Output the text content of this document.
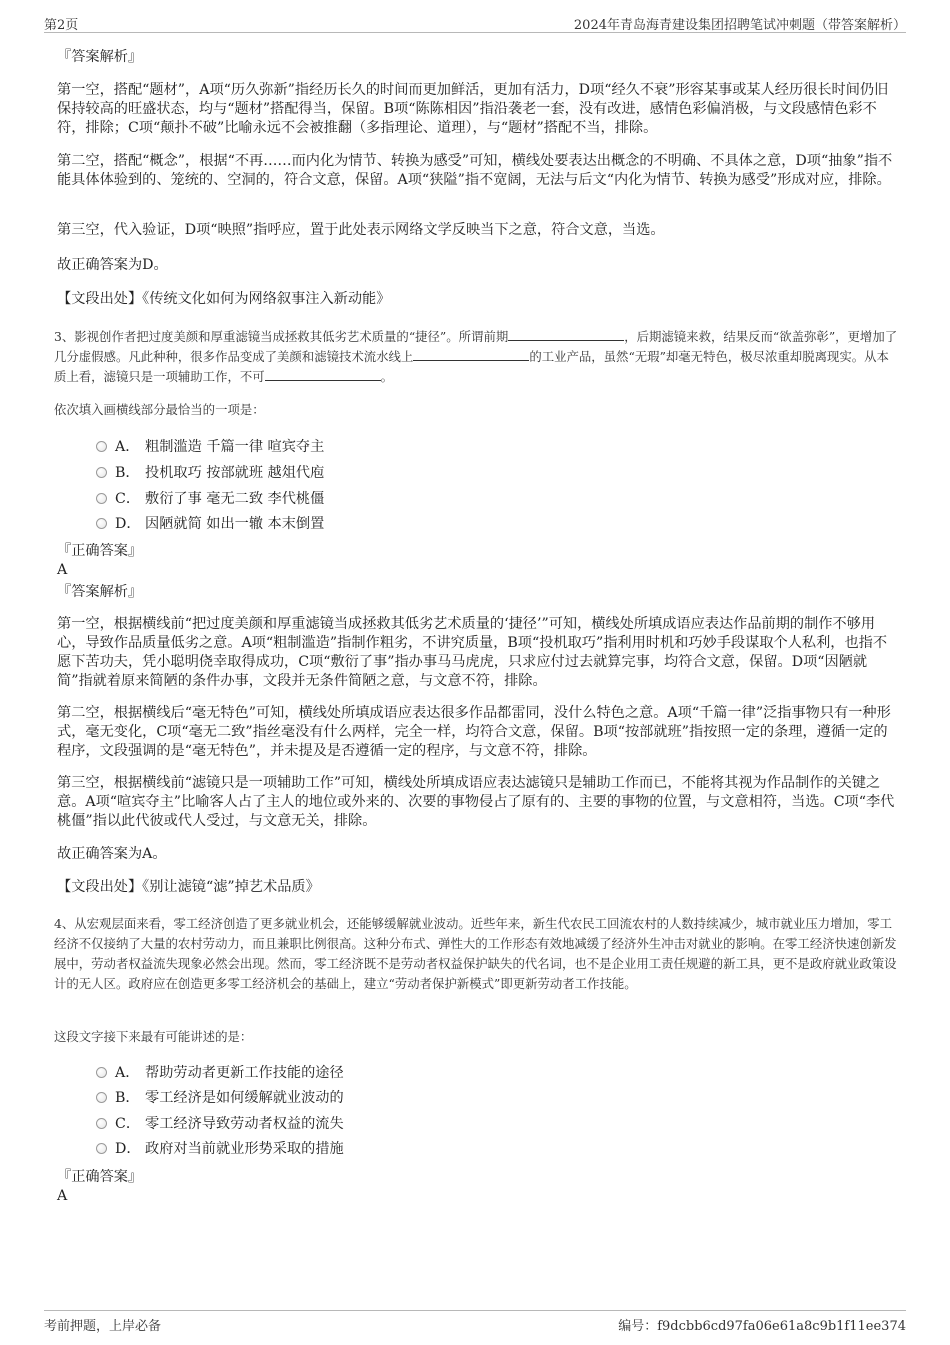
第2页	2024年青岛海青建设集团招聘笔试冲刺题（带答案解析）
『答案解析』
第一空，搭配“题材”，A项“历久弥新”指经历长久的时间而更加鲜活，更加有活力，D项“经久不衰”形容某事或某人经历很长时间仍旧保持较高的旺盛状态，均与“题材”搭配得当，保留。B项“陈陈相因”指沿袭老一套，没有改进，感情色彩偏消极，与文段感情色彩不符，排除；C项“颠扑不破”比喻永远不会被推翻（多指理论、道理），与“题材”搭配不当，排除。
第二空，搭配“概念”，根据“不再……而内化为情节、转换为感受”可知，横线处要表达出概念的不明确、不具体之意，D项“抽象”指不能具体体验到的、笼统的、空洞的，符合文意，保留。A项“狭隘”指不宽阔，无法与后文“内化为情节、转换为感受”形成对应，排除。
第三空，代入验证，D项“映照”指呼应，置于此处表示网络文学反映当下之意，符合文意，当选。
故正确答案为D。
【文段出处】《传统文化如何为网络叙事注入新动能》
3、影视创作者把过度美颜和厚重滤镜当成拯救其低劣艺术质量的“捷径”。所谓前期	，后期滤镜来救，结果反而“欲盖弥彰”，更增加了几分虚假感。凡此种种，很多作品变成了美颜和滤镜技术流水线上	的工业产品，虽然“无瑕”却毫无特色，极尽浓重却脱离现实。从本质上看，滤镜只是一项辅助工作，不可	。
依次填入画横线部分最恰当的一项是：
A． 粗制滥造 千篇一律 喧宾夺主
B． 投机取巧 按部就班 越俎代庖
C． 敷衍了事 毫无二致 李代桃僵
D． 因陋就简 如出一辙 本末倒置
『正确答案』
A
『答案解析』
第一空，根据横线前“把过度美颜和厚重滤镜当成拯救其低劣艺术质量的‘捷径’”可知，横线处所填成语应表达作品前期的制作不够用心，导致作品质量低劣之意。A项“粗制滥造”指制作粗劣，不讲究质量，B项“投机取巧”指利用时机和巧妙手段谋取个人私利，也指不愿下苦功夫，凭小聪明侥幸取得成功，C项“敷衍了事”指办事马马虎虎，只求应付过去就算完事，均符合文意，保留。D项“因陋就简”指就着原来简陋的条件办事，文段并无条件简陋之意，与文意不符，排除。
第二空，根据横线后“毫无特色”可知，横线处所填成语应表达很多作品都雷同，没什么特色之意。A项“千篇一律”泛指事物只有一种形式，毫无变化，C项“毫无二致”指丝毫没有什么两样，完全一样，均符合文意，保留。B项“按部就班”指按照一定的条理，遵循一定的程序，文段强调的是“毫无特色”，并未提及是否遵循一定的程序，与文意不符，排除。
第三空，根据横线前“滤镜只是一项辅助工作”可知，横线处所填成语应表达滤镜只是辅助工作而已，不能将其视为作品制作的关键之意。A项“喧宾夺主”比喻客人占了主人的地位或外来的、次要的事物侵占了原有的、主要的事物的位置，与文意相符，当选。C项“李代桃僵”指以此代彼或代人受过，与文意无关，排除。
故正确答案为A。
【文段出处】《别让滤镜“滤”掉艺术品质》
4、从宏观层面来看，零工经济创造了更多就业机会，还能够缓解就业波动。近些年来，新生代农民工回流农村的人数持续减少，城市就业压力增加，零工经济不仅接纳了大量的农村劳动力，而且兼职比例很高。这种分布式、弹性大的工作形态有效地减缓了经济外生冲击对就业的影响。在零工经济快速创新发展中，劳动者权益流失现象必然会出现。然而，零工经济既不是劳动者权益保护缺失的代名词，也不是企业用工责任规避的新工具，更不是政府就业政策设计的无人区。政府应在创造更多零工经济机会的基础上，建立“劳动者保护新模式”即更新劳动者工作技能。
这段文字接下来最有可能讲述的是：
A． 帮助劳动者更新工作技能的途径
B． 零工经济是如何缓解就业波动的
C． 零工经济导致劳动者权益的流失
D． 政府对当前就业形势采取的措施
『正确答案』
A
考前押题，上岸必备	编号：f9dcbb6cd97fa06e61a8c9b1f11ee374
